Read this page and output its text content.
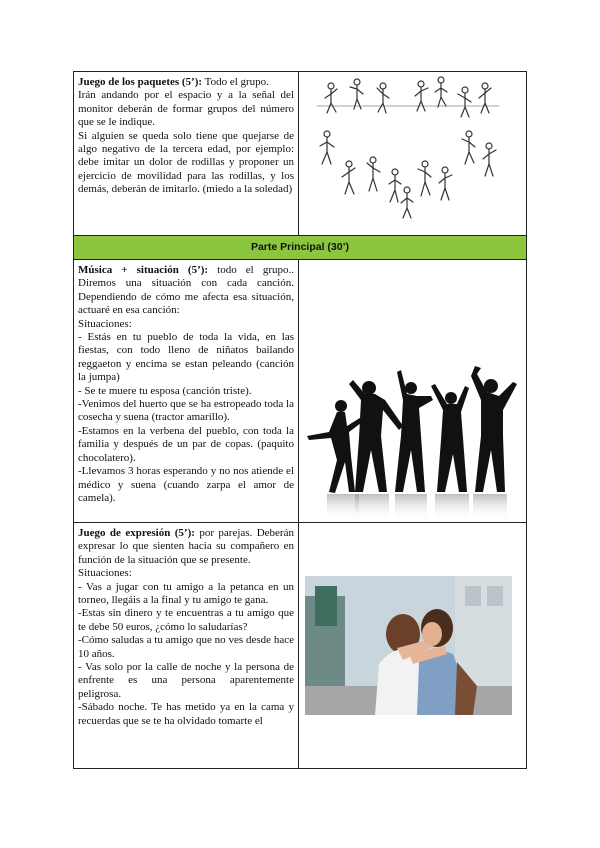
Juego de los paquetes (5’): Todo el grupo.

Irán andando por el espacio y a la señal del monitor deberán de formar grupos del número que se le indique.

Si alguien se queda solo tiene que quejarse de algo negativo de la tercera edad, por ejemplo: debe imitar un dolor de rodillas y proponer un ejercicio de movilidad para las rodillas, y los demás, deberán de imitarlo. (miedo a la soledad)

Parte Principal (30’)

Música + situación (5’): todo el grupo.. Diremos una situación con cada canción. Dependiendo de cómo me afecta esa situación, actuaré en esa canción:

Situaciones:

- Estás en tu pueblo de toda la vida, en las fiestas, con todo lleno de niñatos bailando reggaeton y encima se estan peleando (canción la jumpa)

- Se te muere tu esposa (canción triste).

-Venimos del huerto que se ha estropeado toda la cosecha y suena (tractor amarillo).

-Estamos en la verbena del pueblo, con toda la familia y después de un par de copas. (paquito chocolatero).

-Llevamos 3 horas esperando y no nos atiende el médico y suena (cuando zarpa el amor de camela).

Juego de expresión (5’): por parejas. Deberán expresar lo que sienten hacia su compañero en función de la situación que se presente.

Situaciones:

- Vas a jugar con tu amigo a la petanca en un torneo, llegáis a la final y tu amigo te gana.

-Estas sin dinero y te encuentras a tu amigo que te debe 50 euros, ¿cómo lo saludarías?

-Cómo saludas a tu amigo que no ves desde hace 10 años.

- Vas solo por la calle de noche y la persona de enfrente es una persona aparentemente peligrosa.

-Sábado noche. Te has metido ya en la cama y recuerdas que se te ha olvidado tomarte el
